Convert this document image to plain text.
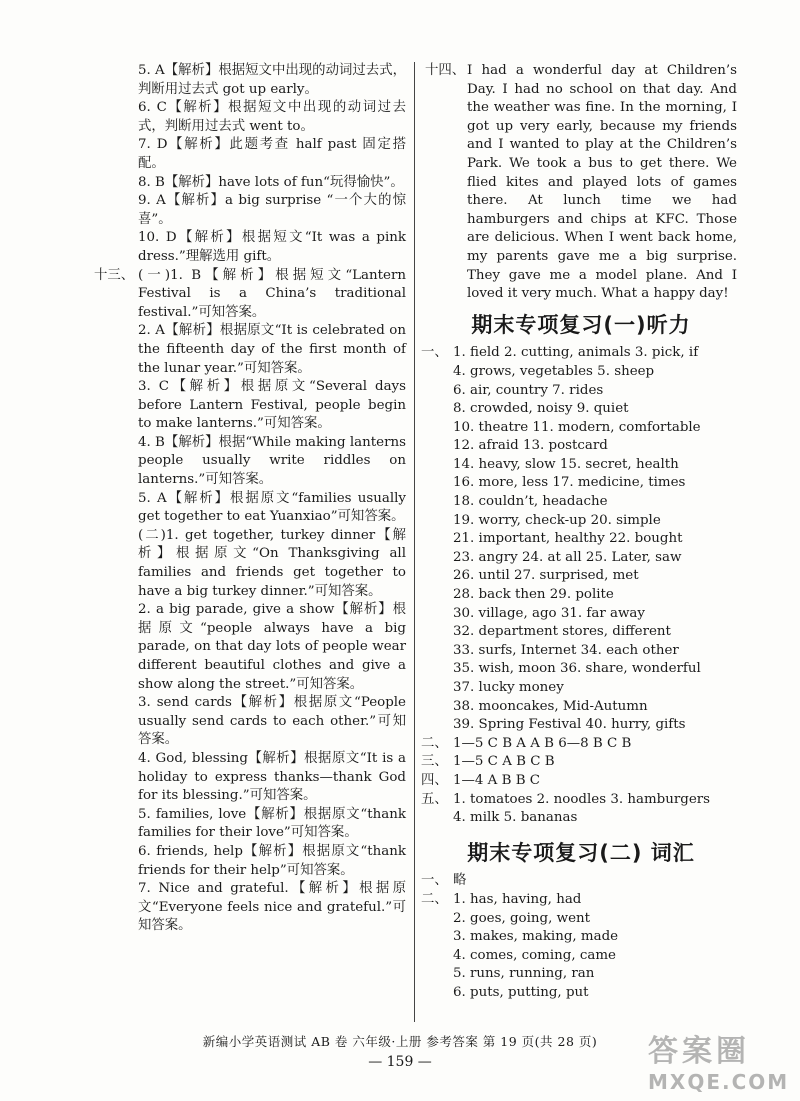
5. A【解析】根据短文中出现的动词过去式，判断用过去式 got up early。
6. C【解析】根据短文中出现的动词过去式，判断用过去式 went to。
7. D【解析】此题考查 half past 固定搭配。
8. B【解析】have lots of fun“玩得愉快”。
9. A【解析】a big surprise “一个大的惊喜”。
10. D【解析】根据短文“It was a pink dress.”理解选用 gift。
十三、 (一)1. B【解析】根据短文“Lantern Festival is a China’s traditional festival.”可知答案。
2. A【解析】根据原文“It is celebrated on the fifteenth day of the first month of the lunar year.”可知答案。
3. C【解析】根据原文“Several days before Lantern Festival, people begin to make lanterns.”可知答案。
4. B【解析】根据“While making lanterns people usually write riddles on lanterns.”可知答案。
5. A【解析】根据原文“families usually get together to eat Yuanxiao”可知答案。
(二)1. get together, turkey dinner【解析】根据原文“On Thanksgiving all families and friends get together to have a big turkey dinner.”可知答案。
2. a big parade, give a show【解析】根据原文“people always have a big parade, on that day lots of people wear different beautiful clothes and give a show along the street.”可知答案。
3. send cards【解析】根据原文“People usually send cards to each other.”可知答案。
4. God, blessing【解析】根据原文“It is a holiday to express thanks—thank God for its blessing.”可知答案。
5. families, love【解析】根据原文“thank families for their love”可知答案。
6. friends, help【解析】根据原文“thank friends for their help”可知答案。
7. Nice and grateful.【解析】根据原文“Everyone feels nice and grateful.”可知答案。
十四、 I had a wonderful day at Children’s Day. I had no school on that day. And the weather was fine. In the morning, I got up very early, because my friends and I wanted to play at the Children’s Park. We took a bus to get there. We flied kites and played lots of games there. At lunch time we had hamburgers and chips at KFC. Those are delicious. When I went back home, my parents gave me a big surprise. They gave me a model plane. And I loved it very much. What a happy day!
期末专项复习(一)听力
一、 1. field 2. cutting, animals 3. pick, if
4. grows, vegetables 5. sheep
6. air, country 7. rides
8. crowded, noisy 9. quiet
10. theatre 11. modern, comfortable
12. afraid 13. postcard
14. heavy, slow 15. secret, health
16. more, less 17. medicine, times
18. couldn’t, headache
19. worry, check-up 20. simple
21. important, healthy 22. bought
23. angry 24. at all 25. Later, saw
26. until 27. surprised, met
28. back then 29. polite
30. village, ago 31. far away
32. department stores, different
33. surfs, Internet 34. each other
35. wish, moon 36. share, wonderful
37. lucky money
38. mooncakes, Mid-Autumn
39. Spring Festival 40. hurry, gifts
二、 1—5 C B A A B 6—8 B C B
三、 1—5 C A B C B
四、 1—4 A B B C
五、 1. tomatoes 2. noodles 3. hamburgers
4. milk 5. bananas
期末专项复习(二) 词汇
一、 略
二、 1. has, having, had
2. goes, going, went
3. makes, making, made
4. comes, coming, came
5. runs, running, ran
6. puts, putting, put
新编小学英语测试 AB 卷 六年级·上册 参考答案 第 19 页(共 28 页)
— 159 —	答案圈
MXQE.COM
